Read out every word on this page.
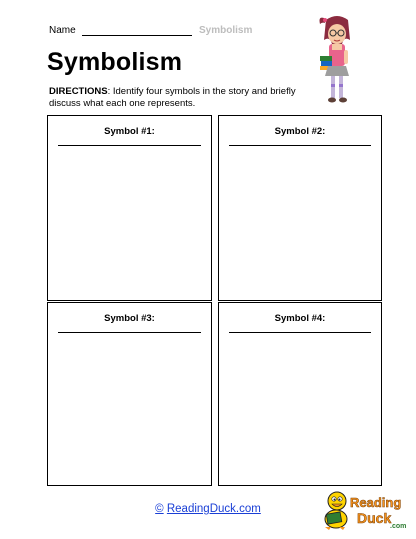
Name	Symbolism
Symbolism
DIRECTIONS: Identify four symbols in the story and briefly discuss what each one represents.
Symbol #1:	Symbol #2:
Symbol #3:	Symbol #4:
© ReadingDuck.com	Reading
Duck
.com
